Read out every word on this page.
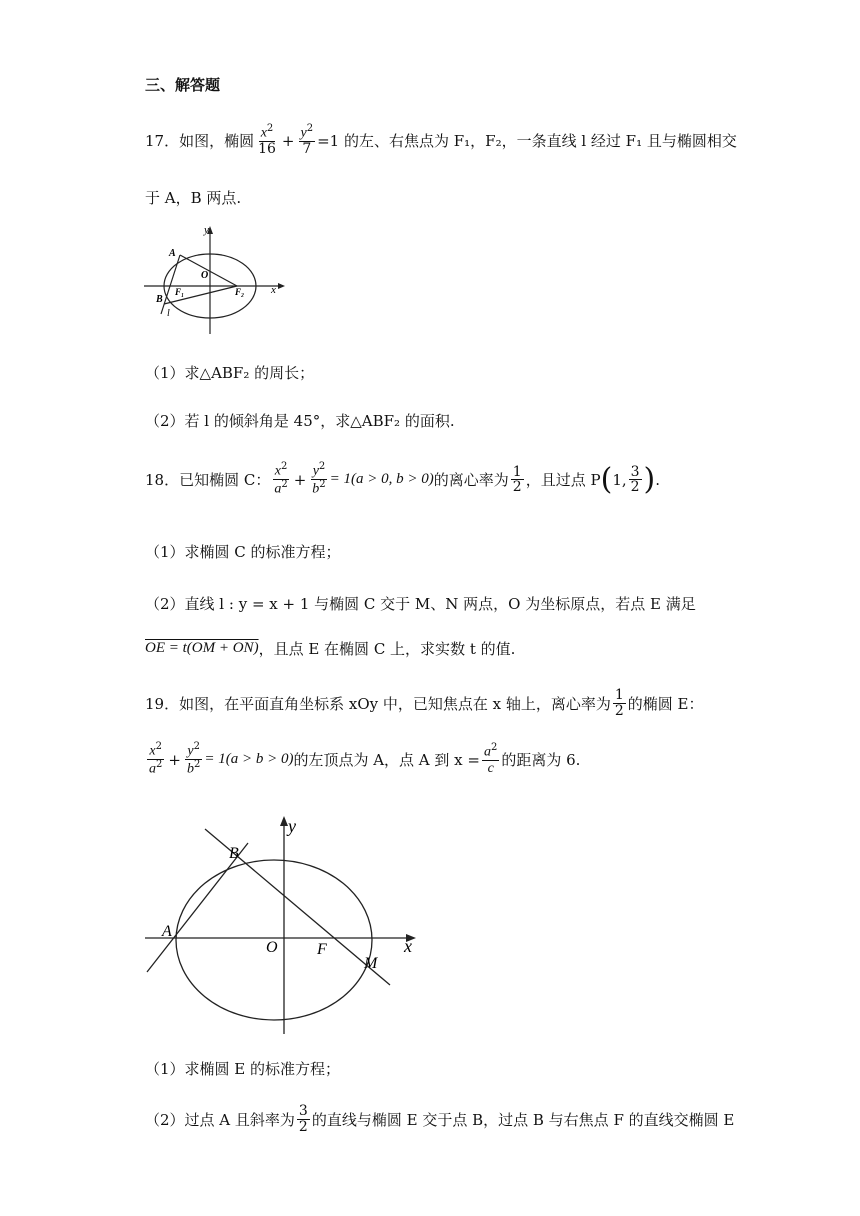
三、解答题
17．如图，椭圆 $\frac{x^2}{16} + \frac{y^2}{7} =1$ 的左、右焦点为 F₁，F₂，一条直线 l 经过 F₁ 且与椭圆相交
于 A，B 两点.
y
x
A
O
B
F₁	F₂
l
（1）求△ABF₂ 的周长；
（2）若 l 的倾斜角是 45°，求△ABF₂ 的面积.
18．已知椭圆 C： $\frac{x^2}{a^2} + \frac{y^2}{b^2} = 1(a > 0$, b > 0) 的离心率为 $\frac{1}{2}$ ，且过点 P ( 1, $\frac{3}{2}$ ) .
（1）求椭圆 C 的标准方程；
（2）直线 l : y = x + 1 与椭圆 C 交于 M、N 两点，O 为坐标原点，若点 E 满足
OE = t(OM + ON) ，且点 E 在椭圆 C 上，求实数 t 的值.
19．如图，在平面直角坐标系 xOy 中，已知焦点在 x 轴上，离心率为 $\frac{1}{2}$ 的椭圆 E：
$\frac{x^2}{a^2} + \frac{y^2}{b^2} = 1(a > b > 0)$ 的左顶点为 A，点 A 到 $x = \frac{a^2}{c}$ 的距离为 6.
y
x
A
B
O F
M
（1）求椭圆 E 的标准方程；
（2）过点 A 且斜率为 $\frac{3}{2}$ 的直线与椭圆 E 交于点 B，过点 B 与右焦点 F 的直线交椭圆 E
